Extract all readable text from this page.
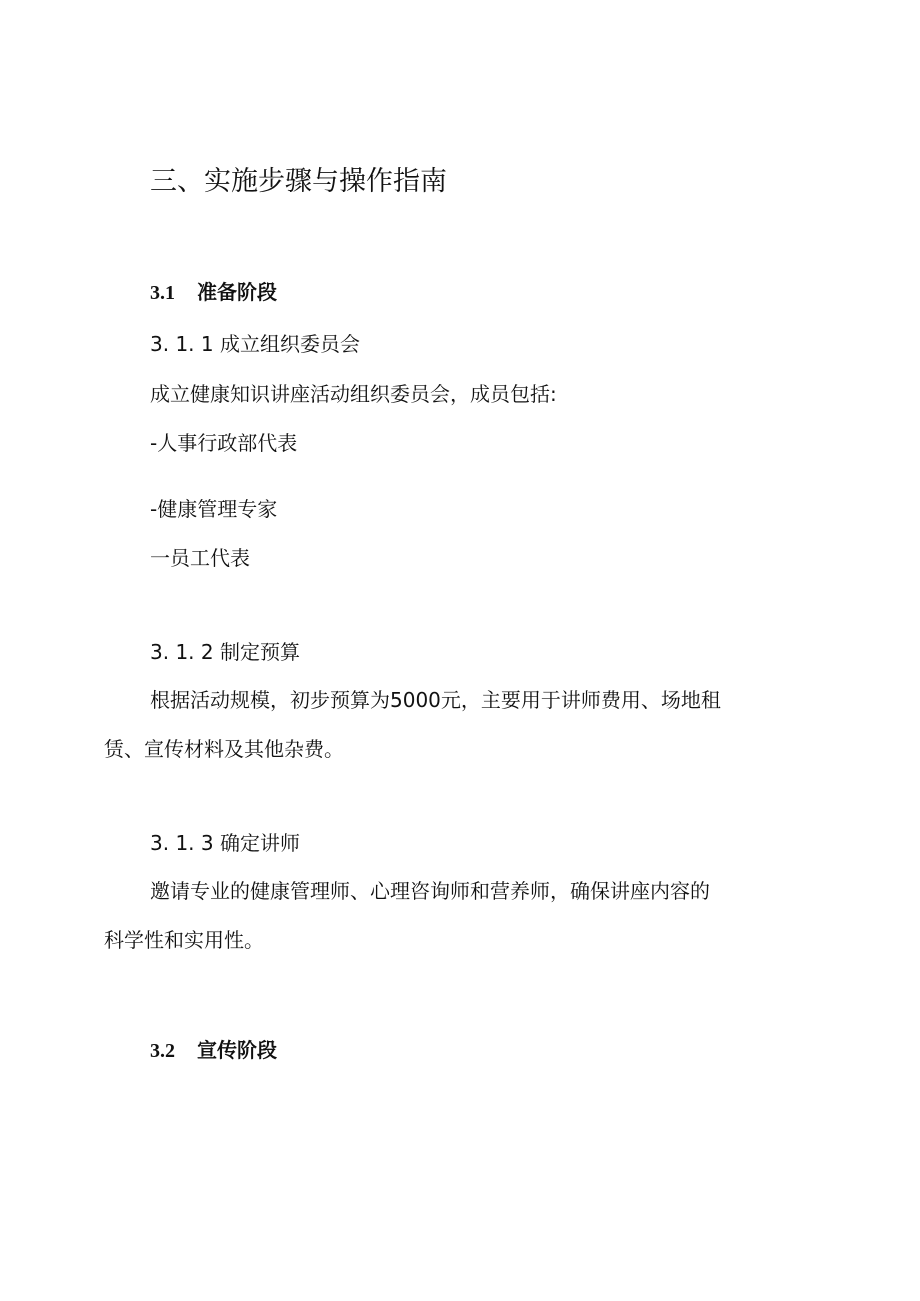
三、实施步骤与操作指南
3.1 准备阶段
3. 1. 1 成立组织委员会
成立健康知识讲座活动组织委员会，成员包括:
-人事行政部代表
-健康管理专家
一员工代表
3. 1. 2 制定预算
根据活动规模，初步预算为5000元，主要用于讲师费用、场地租
赁、宣传材料及其他杂费。
3. 1. 3 确定讲师
邀请专业的健康管理师、心理咨询师和营养师，确保讲座内容的
科学性和实用性。
3.2 宣传阶段
